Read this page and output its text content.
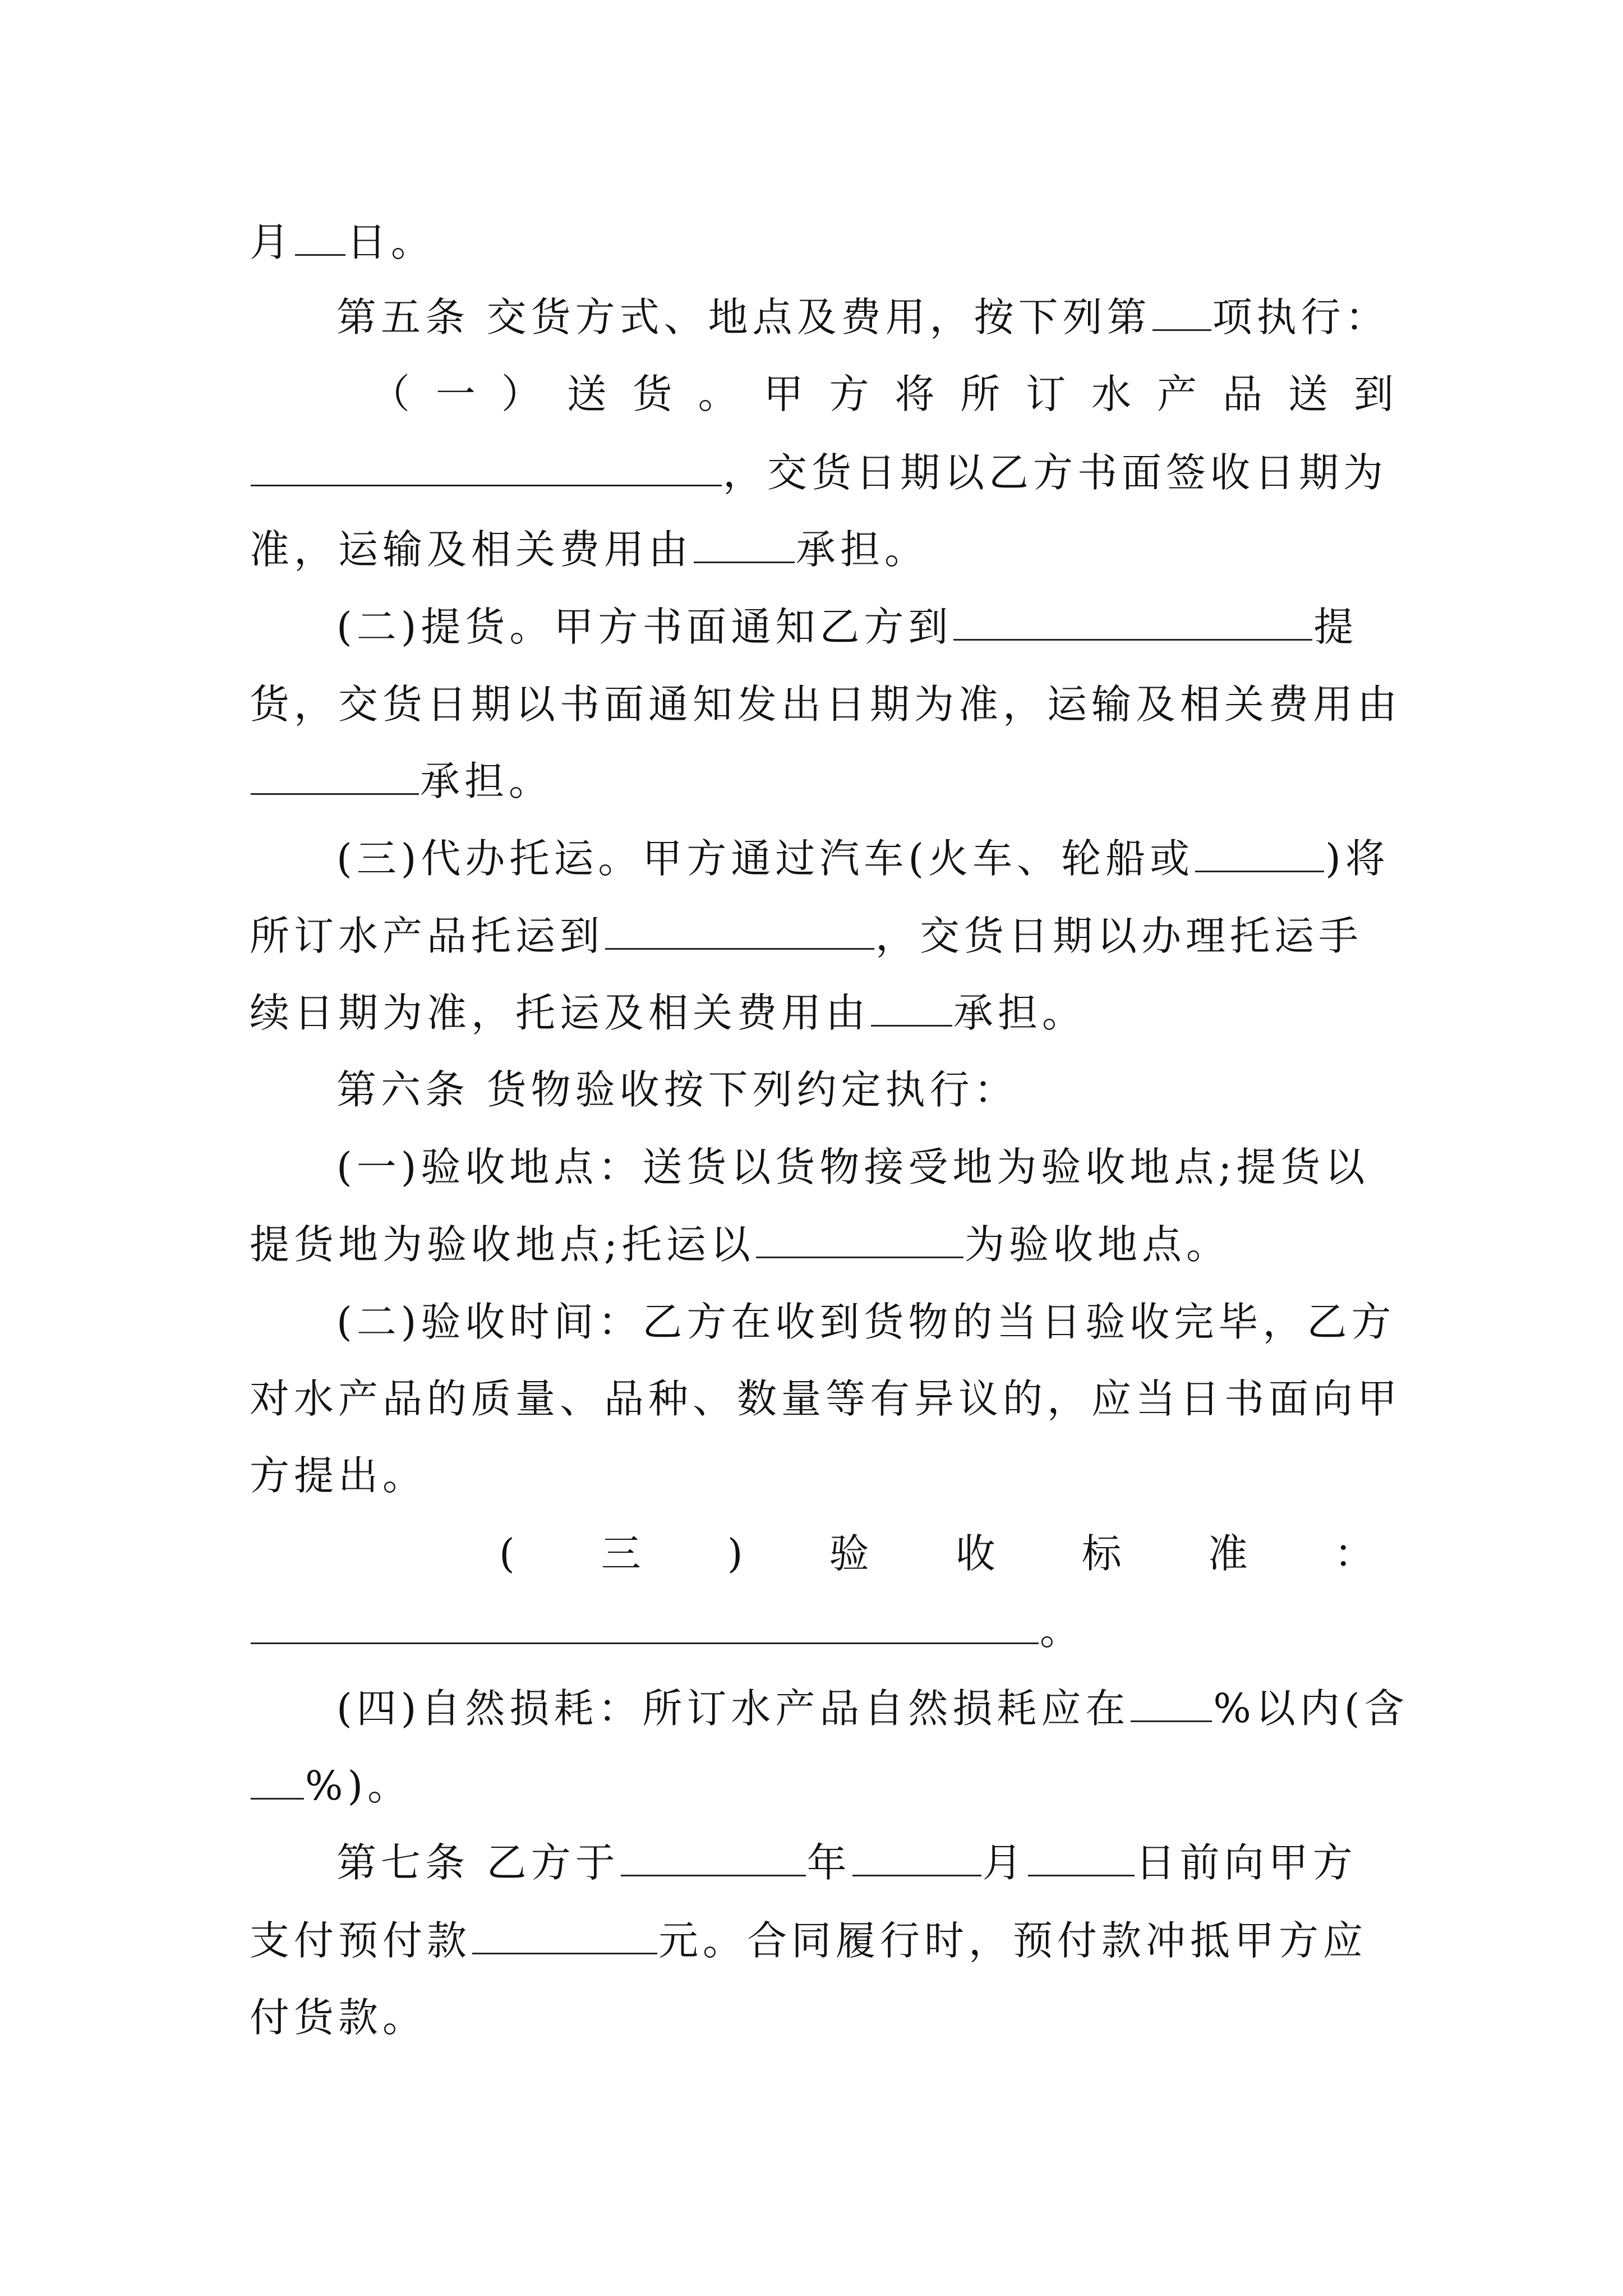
月 日。
第五条 交货方式、地点及费用，按下列第 项执行：
（ 一 ） 送 货 。 甲 方 将 所 订 水 产 品 送 到
，交货日期以乙方书面签收日期为
准，运输及相关费用由	承担。
(二)提货。甲方书面通知乙方到	提
货，交货日期以书面通知发出日期为准，运输及相关费用由
承担。
(三)代办托运。甲方通过汽车(火车、轮船或	)将
所订水产品托运到	，交货日期以办理托运手
续日期为准，托运及相关费用由 承担。
第六条 货物验收按下列约定执行：
(一)验收地点：送货以货物接受地为验收地点;提货以
提货地为验收地点;托运以	为验收地点。
(二)验收时间：乙方在收到货物的当日验收完毕，乙方
对水产品的质量、品种、数量等有异议的，应当日书面向甲
方提出。
( 三 ) 验 收 标 准 ：
。
(四)自然损耗：所订水产品自然损耗应在 %以内(含
%)。
第七条 乙方于	年	月	日前向甲方
支付预付款	元。合同履行时，预付款冲抵甲方应
付货款。
